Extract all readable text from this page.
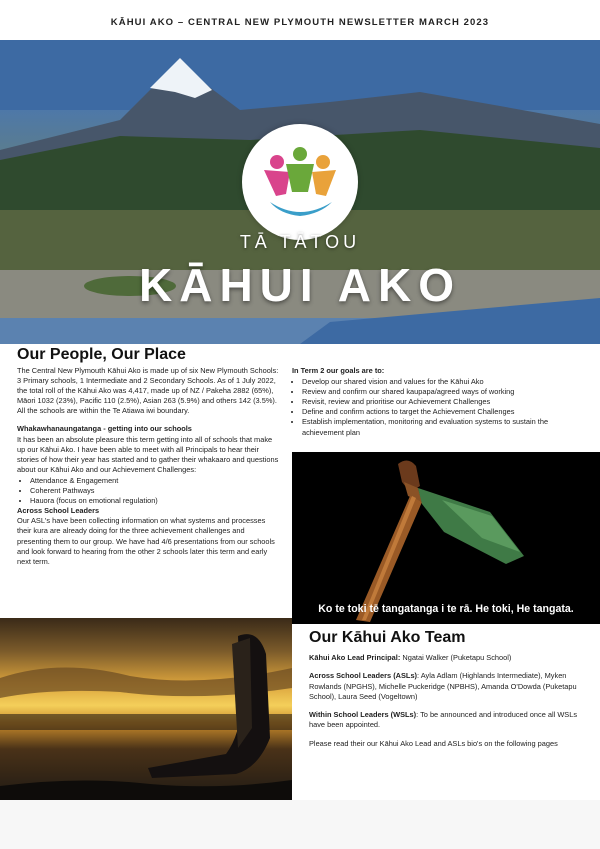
KĀHUI AKO – CENTRAL NEW PLYMOUTH NEWSLETTER MARCH 2023
TĀ TĀTOU
KĀHUI AKO
Our People, Our Place

The Central New Plymouth Kāhui Ako is made up of six New Plymouth Schools: 3 Primary schools, 1 Intermediate and 2 Secondary Schools. As of 1 July 2022, the total roll of the Kāhui Ako was 4,417, made up of NZ / Pakeha 2882 (65%), Māori 1032 (23%), Pacific 110 (2.5%), Asian 263 (5.9%) and others 142 (3.5%). All the schools are within the Te Atiawa iwi boundary.

Whakawhanaungatanga - getting into our schools

It has been an absolute pleasure this term getting into all of schools that make up our Kāhui Ako. I have been able to meet with all Principals to hear their stories of how their year has started and to gather their whakaaro and questions about our Kāhui Ako and our Achievement Challenges:

• Attendance & Engagement
• Coherent Pathways
• Hauora (focus on emotional regulation)

Across School Leaders

Our ASL's have been collecting information on what systems and processes their kura are already doing for the three achievement challenges and presenting them to our group. We have had 4/6 presentations from our schools and look forward to hearing from the other 2 schools later this term and early next term.

In Term 2 our goals are to:
• Develop our shared vision and values for the Kāhui Ako
• Review and confirm our shared kaupapa/agreed ways of working
• Revisit, review and prioritise our Achievement Challenges
• Define and confirm actions to target the Achievement Challenges
• Establish implementation, monitoring and evaluation systems to sustain the achievement plan
Ko te toki tē tangatanga i te rā. He toki, He tangata.
Our Kāhui Ako Team

Kāhui Ako Lead Principal: Ngatai Walker (Puketapu School)

Across School Leaders (ASLs): Ayla Adlam (Highlands Intermediate), Myken Rowlands (NPGHS), Michelle Puckeridge (NPBHS), Amanda O'Dowda (Puketapu School), Laura Seed (Vogeltown)

Within School Leaders (WSLs): To be announced and introduced once all WSLs have been appointed.

Please read their our Kāhui Ako Lead and ASLs bio's on the following pages
